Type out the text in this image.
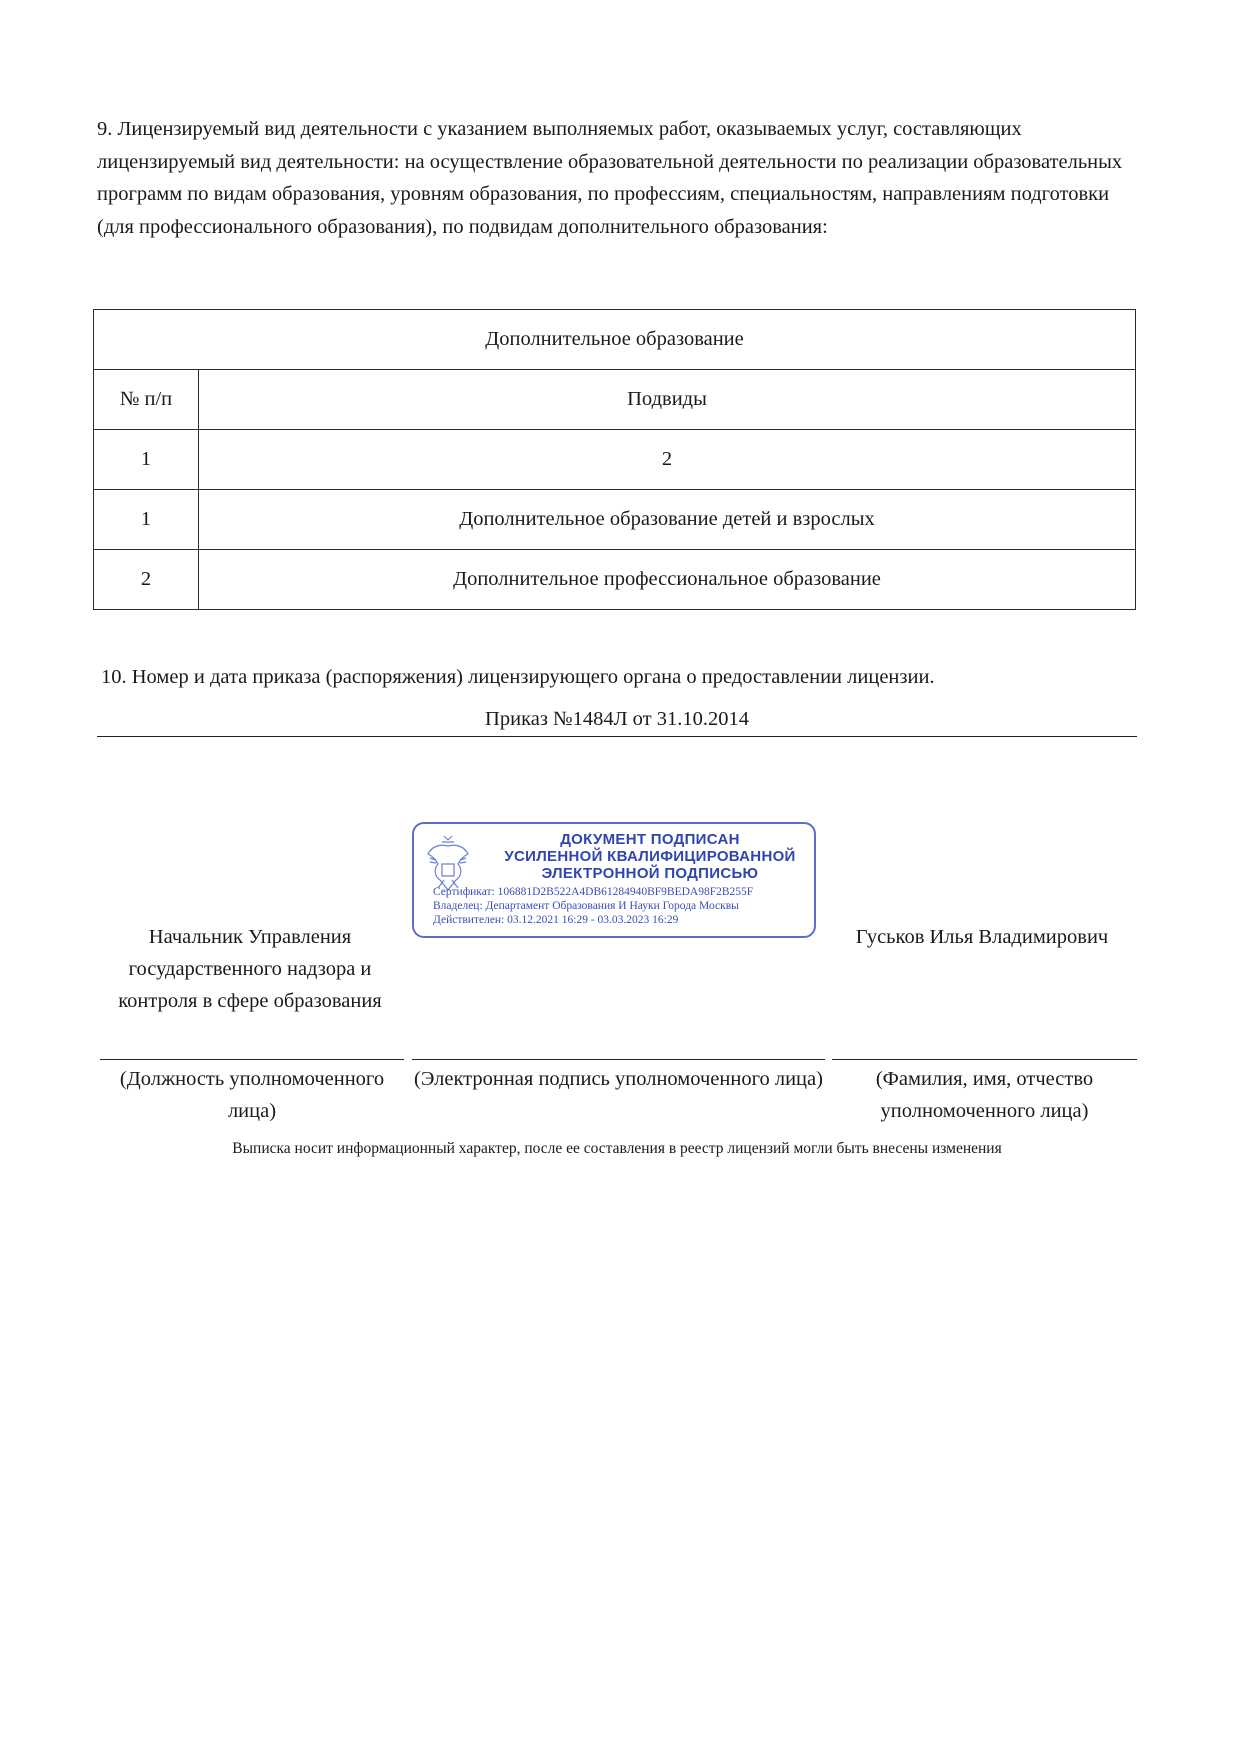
9. Лицензируемый вид деятельности с указанием выполняемых работ, оказываемых услуг, составляющих лицензируемый вид деятельности: на осуществление образовательной деятельности по реализации образовательных программ по видам образования, уровням образования, по профессиям, специальностям, направлениям подготовки (для профессионального образования), по подвидам дополнительного образования:
Дополнительное образование	
№ п/п	Подвиды
1	2
1	Дополнительное образование детей и взрослых
2	Дополнительное профессиональное образование
10. Номер и дата приказа (распоряжения) лицензирующего органа о предоставлении лицензии.
Приказ №1484Л от 31.10.2014
ДОКУМЕНТ ПОДПИСАН
УСИЛЕННОЙ КВАЛИФИЦИРОВАННОЙ
ЭЛЕКТРОННОЙ ПОДПИСЬЮ
Сертификат: 106881D2B522A4DB61284940BF9BEDA98F2B255F
Владелец: Департамент Образования И Науки Города Москвы
Действителен: 03.12.2021 16:29 - 03.03.2023 16:29
Начальник Управления государственного надзора и контроля в сфере образования
Гуськов Илья Владимирович
(Должность уполномоченного лица)
(Электронная подпись уполномоченного лица)	(Фамилия, имя, отчество уполномоченного лица)
Выписка носит информационный характер, после ее составления в реестр лицензий могли быть внесены изменения
